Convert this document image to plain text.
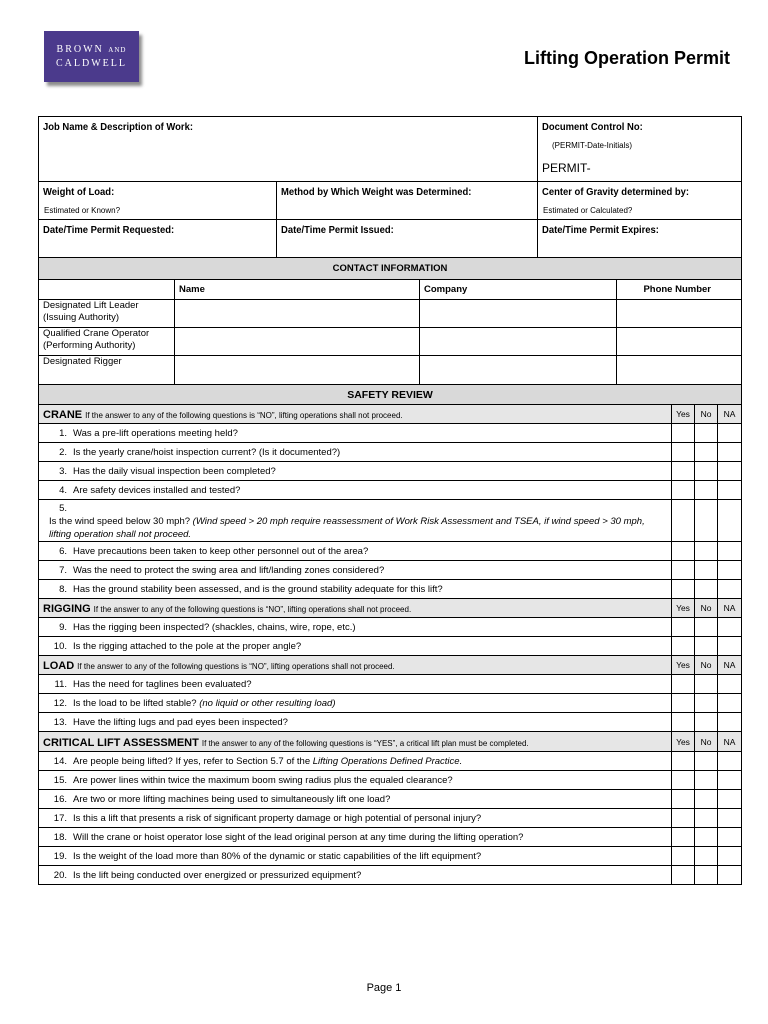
BROWN AND
CALDWELL	Lifting Operation Permit
Job Name & Description of Work:	Document Control No:
(PERMIT-Date-Initials)

PERMIT-
Weight of Load:
Estimated or Known?	Method by Which Weight was Determined:	Center of Gravity determined by:
Estimated or Calculated?

Date/Time Permit Requested:	Date/Time Permit Issued:	Date/Time Permit Expires:
CONTACT INFORMATION			
	Name	Company	Phone Number
Designated Lift Leader
(Issuing Authority)			
Qualified Crane Operator
(Performing Authority)			
Designated Rigger			
SAFETY REVIEW			
CRANE If the answer to any of the following questions is “NO”, lifting operations shall not proceed.	Yes	No	NA
1. Was a pre-lift operations meeting held?			
2. Is the yearly crane/hoist inspection current? (Is it documented?)			
3. Has the daily visual inspection been completed?			
4. Are safety devices installed and tested?			
5.Is the wind speed below 30 mph? (Wind speed > 20 mph require reassessment of Work Risk Assessment and TSEA, if wind speed > 30 mph, lifting operation shall not proceed.			
6. Have precautions been taken to keep other personnel out of the area?			
7. Was the need to protect the swing area and lift/landing zones considered?			
8. Has the ground stability been assessed, and is the ground stability adequate for this lift?			
RIGGING If the answer to any of the following questions is “NO”, lifting operations shall not proceed.	Yes	No	NA
9. Has the rigging been inspected? (shackles, chains, wire, rope, etc.)			
10. Is the rigging attached to the pole at the proper angle?			
LOAD If the answer to any of the following questions is “NO”, lifting operations shall not proceed.	Yes	No	NA
11. Has the need for taglines been evaluated?			
12. Is the load to be lifted stable? (no liquid or other resulting load)			
13. Have the lifting lugs and pad eyes been inspected?			
CRITICAL LIFT ASSESSMENT If the answer to any of the following questions is “YES”, a critical lift plan must be completed.	Yes	No	NA
14. Are people being lifted? If yes, refer to Section 5.7 of the Lifting Operations Defined Practice.			
15. Are power lines within twice the maximum boom swing radius plus the equaled clearance?			
16. Are two or more lifting machines being used to simultaneously lift one load?			
17. Is this a lift that presents a risk of significant property damage or high potential of personal injury?			
18. Will the crane or hoist operator lose sight of the lead original person at any time during the lifting operation?			
19. Is the weight of the load more than 80% of the dynamic or static capabilities of the lift equipment?			
20. Is the lift being conducted over energized or pressurized equipment?			
Page 1
